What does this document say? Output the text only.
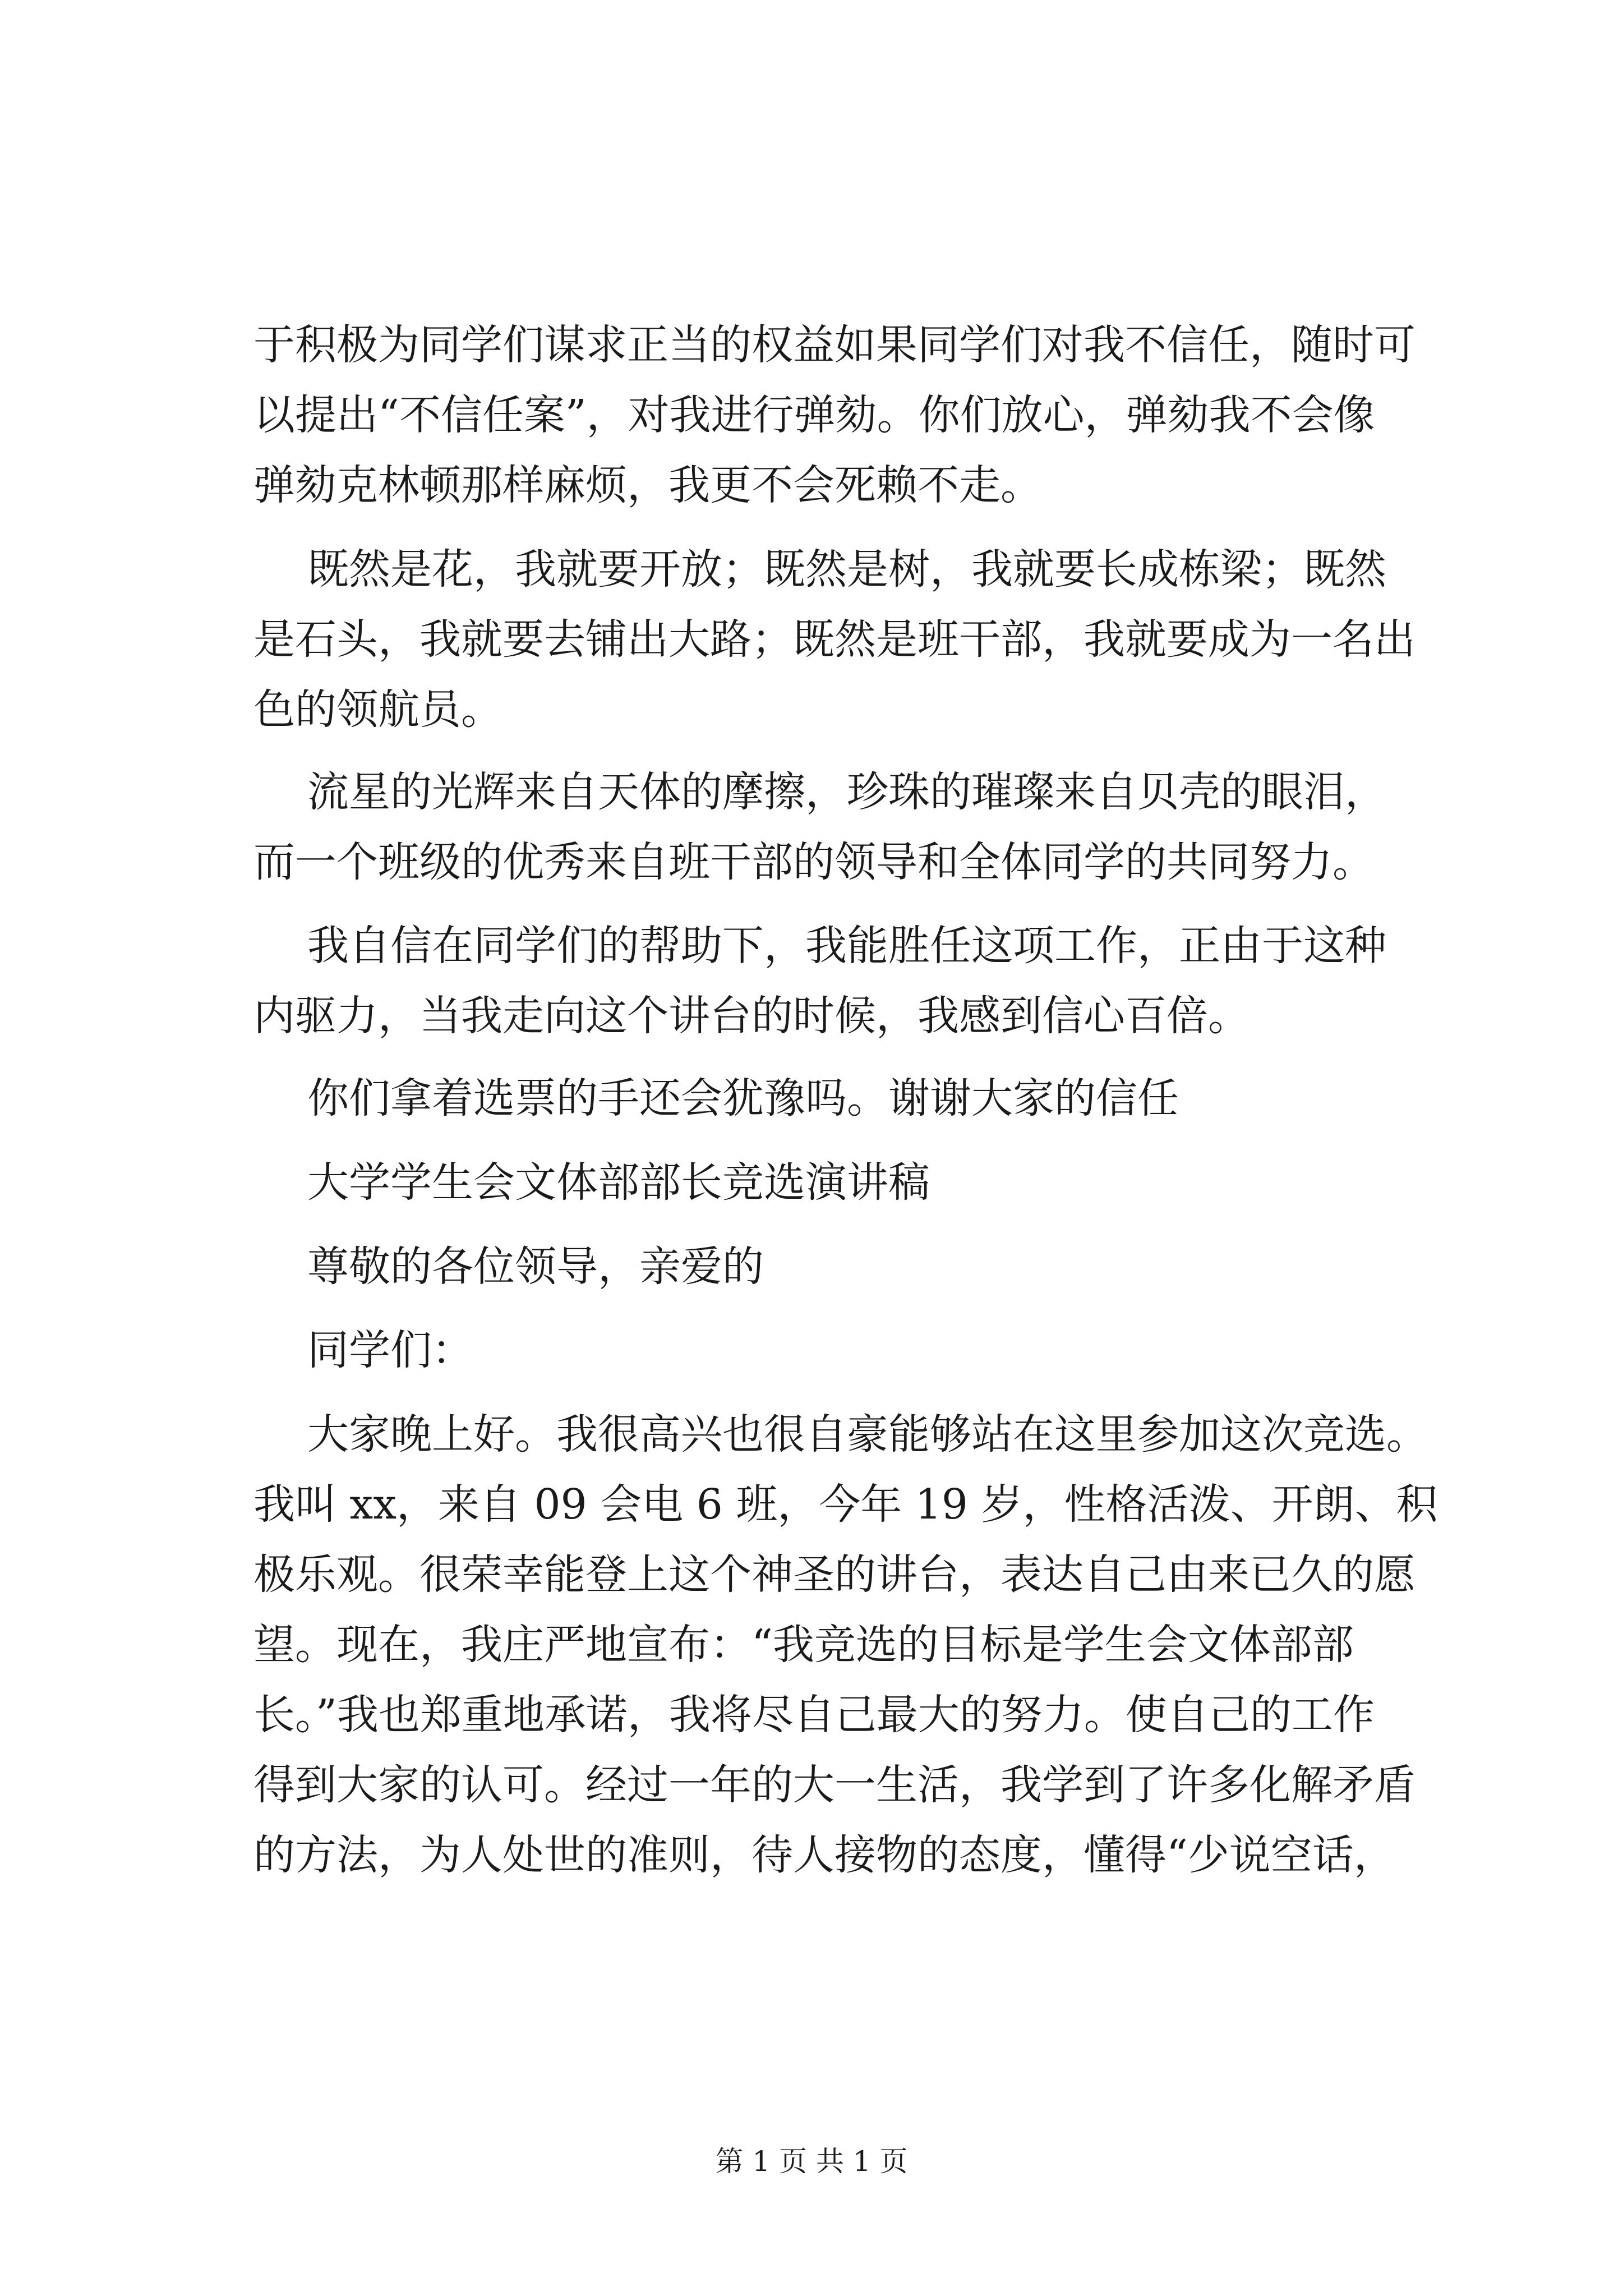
于积极为同学们谋求正当的权益如果同学们对我不信任，随时可
以提出“不信任案”，对我进行弹劾。你们放心，弹劾我不会像
弹劾克林顿那样麻烦，我更不会死赖不走。
既然是花，我就要开放；既然是树，我就要长成栋梁；既然
是石头，我就要去铺出大路；既然是班干部，我就要成为一名出
色的领航员。
流星的光辉来自天体的摩擦，珍珠的璀璨来自贝壳的眼泪，
而一个班级的优秀来自班干部的领导和全体同学的共同努力。
我自信在同学们的帮助下，我能胜任这项工作，正由于这种
内驱力，当我走向这个讲台的时候，我感到信心百倍。
你们拿着选票的手还会犹豫吗。谢谢大家的信任
大学学生会文体部部长竞选演讲稿
尊敬的各位领导，亲爱的
同学们：
大家晚上好。我很高兴也很自豪能够站在这里参加这次竞选。
我叫 xx，来自 09 会电 6 班，今年 19 岁，性格活泼、开朗、积
极乐观。很荣幸能登上这个神圣的讲台，表达自己由来已久的愿
望。现在，我庄严地宣布：“我竞选的目标是学生会文体部部
长。”我也郑重地承诺，我将尽自己最大的努力。使自己的工作
得到大家的认可。经过一年的大一生活，我学到了许多化解矛盾
的方法，为人处世的准则，待人接物的态度，懂得“少说空话，
第 1 页 共 1 页
